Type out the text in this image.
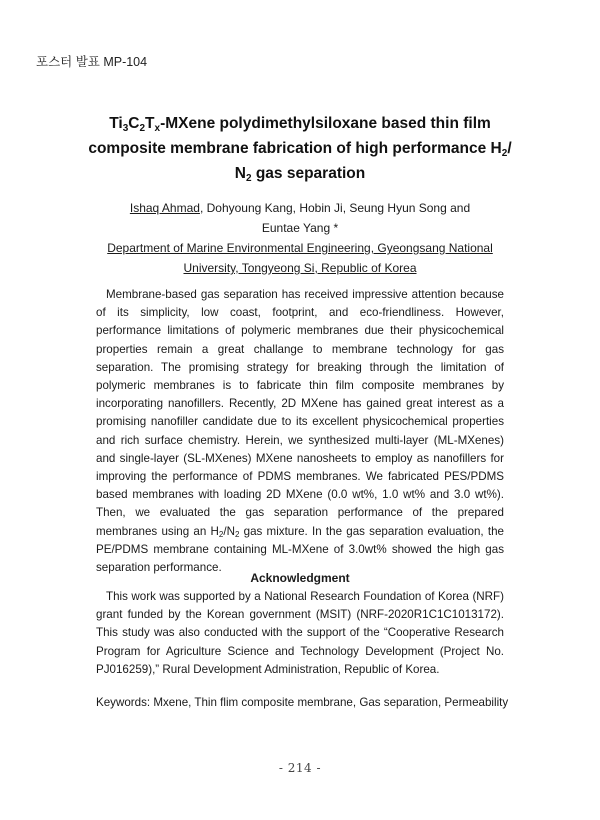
포스터 발표 MP-104
$Ti_3C_2T_x$-MXene polydimethylsiloxane based thin film
composite membrane fabrication of high performance $H_2/$
$N_2$ gas separation
Ishaq Ahmad, Dohyoung Kang, Hobin Ji, Seung Hyun Song and
Euntae Yang *
Department of Marine Environmental Engineering, Gyeongsang National
University, Tongyeong Si, Republic of Korea

Membrane-based gas separation has received impressive attention because of its simplicity, low coast, footprint, and eco-friendliness. However, performance limitations of polymeric membranes due their physicochemical properties remain a great challange to membrane technology for gas separation. The promising strategy for breaking through the limitation of polymeric membranes is to fabricate thin film composite membranes by incorporating nanofillers. Recently, 2D MXene has gained great interest as a promising nanofiller candidate due to its excellent physicochemical properties and rich surface chemistry. Herein, we synthesized multi-layer (ML-MXenes) and single-layer (SL-MXenes) MXene nanosheets to employ as nanofillers for improving the performance of PDMS membranes. We fabricated PES/PDMS based membranes with loading 2D MXene (0.0 wt%, 1.0 wt% and 3.0 wt%). Then, we evaluated the gas separation performance of the prepared membranes using an $H_2/N_2$ gas mixture. In the gas separation evaluation, the PE/PDMS membrane containing ML-MXene of 3.0wt% showed the high gas separation performance.

Acknowledgment

This work was supported by a National Research Foundation of Korea (NRF) grant funded by the Korean government (MSIT) (NRF-2020R1C1C1013172). This study was also conducted with the support of the “Cooperative Research Program for Agriculture Science and Technology Development (Project No. PJ016259),” Rural Development Administration, Republic of Korea.

Keywords: Mxene, Thin flim composite membrane, Gas separation, Permeability
- 214 -
